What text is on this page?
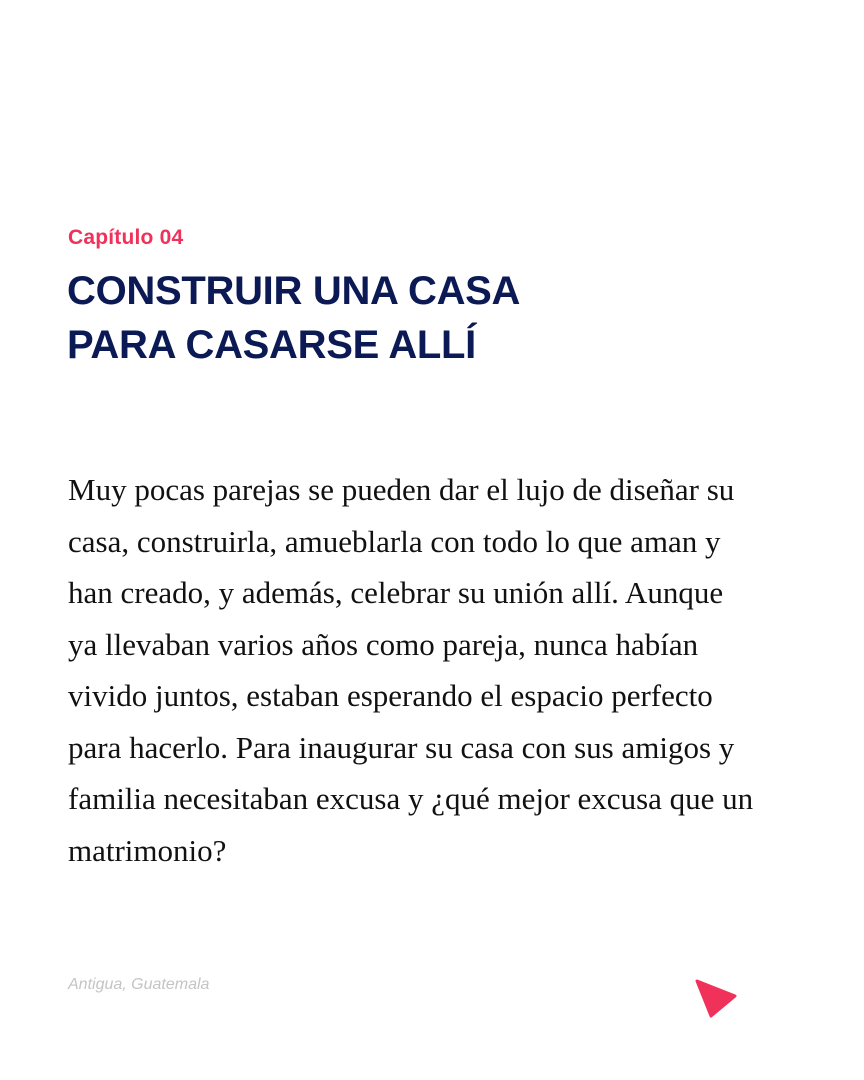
Capítulo 04

CONSTRUIR UNA CASA
PARA CASARSE ALLÍ

Muy pocas parejas se pueden dar el lujo de diseñar su
casa, construirla, amueblarla con todo lo que aman y
han creado, y además, celebrar su unión allí. Aunque
ya llevaban varios años como pareja, nunca habían
vivido juntos, estaban esperando el espacio perfecto
para hacerlo. Para inaugurar su casa con sus amigos y
familia necesitaban excusa y ¿qué mejor excusa que un
matrimonio?

Antigua, Guatemala
